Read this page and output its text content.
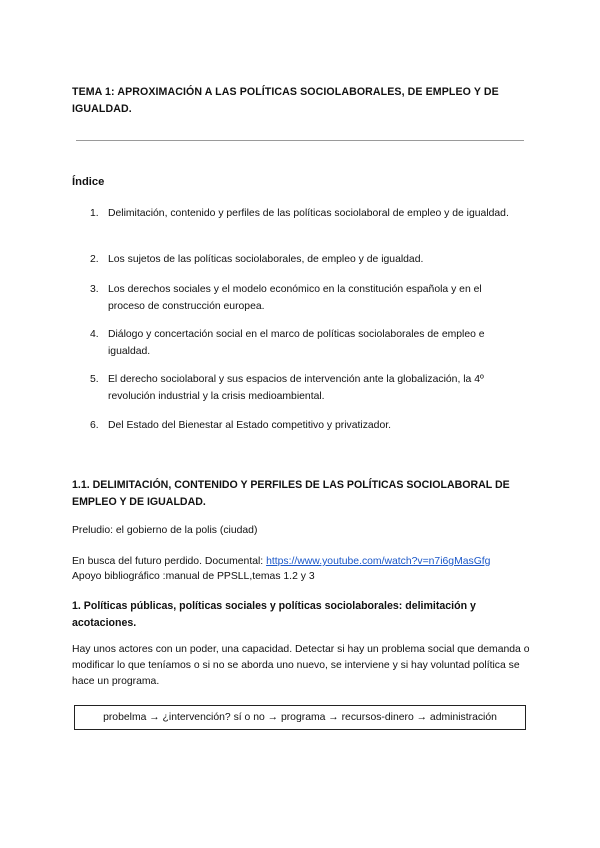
TEMA 1: APROXIMACIÓN A LAS POLÍTICAS SOCIOLABORALES, DE EMPLEO Y DE IGUALDAD.
Índice
1. Delimitación, contenido y perfiles de las políticas sociolaboral de empleo y de igualdad.
2. Los sujetos de las políticas sociolaborales, de empleo y de igualdad.
3. Los derechos sociales y el modelo económico en la constitución española y en el proceso de construcción europea.
4. Diálogo y concertación social en el marco de políticas sociolaborales de empleo e igualdad.
5. El derecho sociolaboral y sus espacios de intervención ante la globalización, la 4º revolución industrial y la crisis medioambiental.
6. Del Estado del Bienestar al Estado competitivo y privatizador.
1.1. DELIMITACIÓN, CONTENIDO Y PERFILES DE LAS POLÍTICAS SOCIOLABORAL DE EMPLEO Y DE IGUALDAD.
Preludio: el gobierno de la polis (ciudad)
En busca del futuro perdido. Documental: https://www.youtube.com/watch?v=n7i6gMasGfg
Apoyo bibliográfico :manual de PPSLL,temas 1.2 y 3
1. Políticas públicas, políticas sociales y políticas sociolaborales: delimitación y acotaciones.
Hay unos actores con un poder, una capacidad. Detectar si hay un problema social que demanda o modificar lo que teníamos o si no se aborda uno nuevo, se interviene y si hay voluntad política se hace un programa.
probelma → ¿intervención? sí o no → programa → recursos-dinero → administración
